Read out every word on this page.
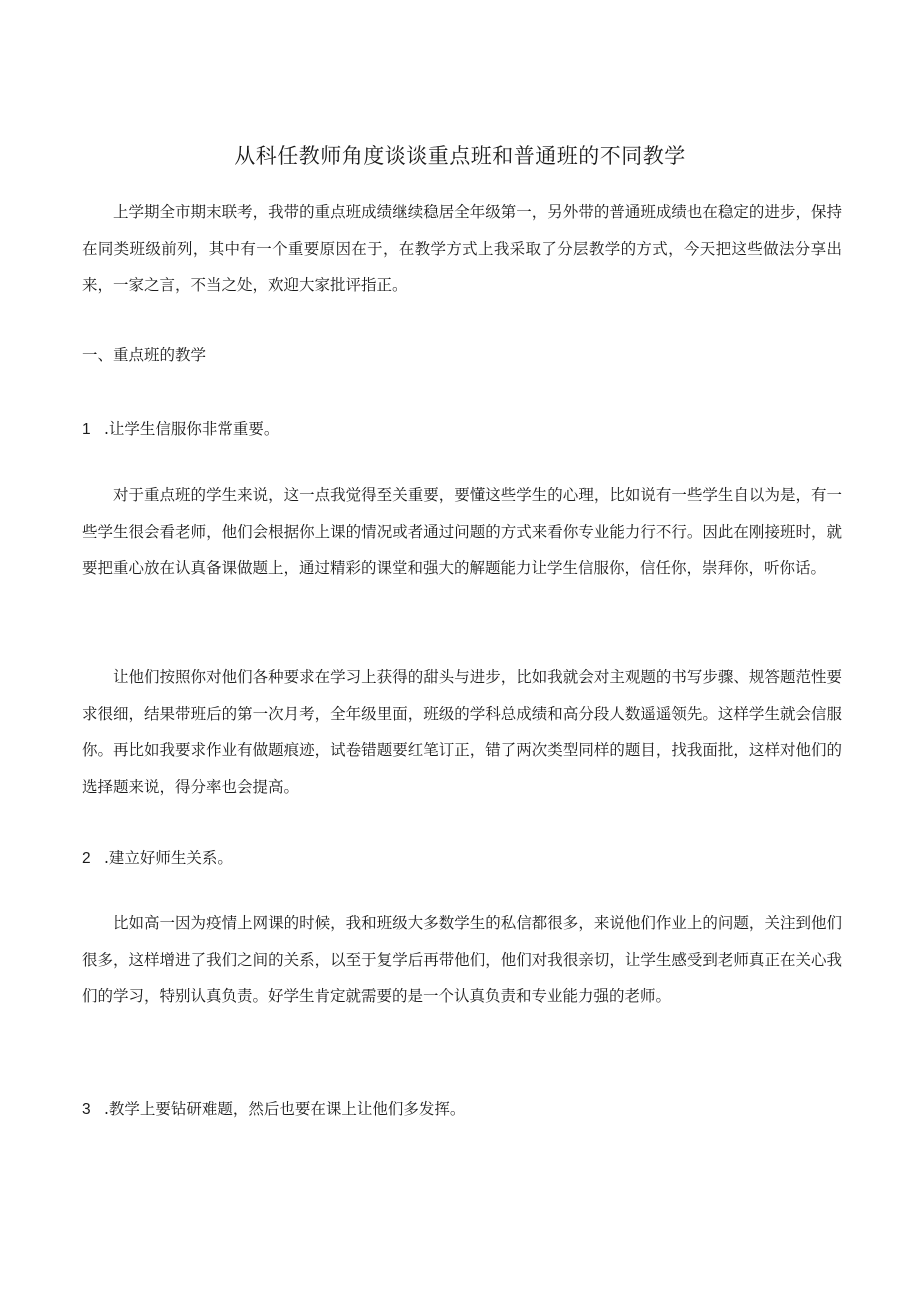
从科任教师角度谈谈重点班和普通班的不同教学

上学期全市期末联考，我带的重点班成绩继续稳居全年级第一，另外带的普通班成绩也在稳定的进步，保持在同类班级前列，其中有一个重要原因在于，在教学方式上我采取了分层教学的方式，今天把这些做法分享出来，一家之言，不当之处，欢迎大家批评指正。

一、重点班的教学
1 .让学生信服你非常重要。

对于重点班的学生来说，这一点我觉得至关重要，要懂这些学生的心理，比如说有一些学生自以为是，有一些学生很会看老师，他们会根据你上课的情况或者通过问题的方式来看你专业能力行不行。因此在刚接班时，就要把重心放在认真备课做题上，通过精彩的课堂和强大的解题能力让学生信服你，信任你，崇拜你，听你话。

让他们按照你对他们各种要求在学习上获得的甜头与进步，比如我就会对主观题的书写步骤、规答题范性要求很细，结果带班后的第一次月考，全年级里面，班级的学科总成绩和高分段人数遥遥领先。这样学生就会信服你。再比如我要求作业有做题痕迹，试卷错题要红笔订正，错了两次类型同样的题目，找我面批，这样对他们的选择题来说，得分率也会提高。

2 .建立好师生关系。

比如高一因为疫情上网课的时候，我和班级大多数学生的私信都很多，来说他们作业上的问题，关注到他们很多，这样增进了我们之间的关系，以至于复学后再带他们，他们对我很亲切，让学生感受到老师真正在关心我们的学习，特别认真负责。好学生肯定就需要的是一个认真负责和专业能力强的老师。

3 .教学上要钻研难题，然后也要在课上让他们多发挥。
